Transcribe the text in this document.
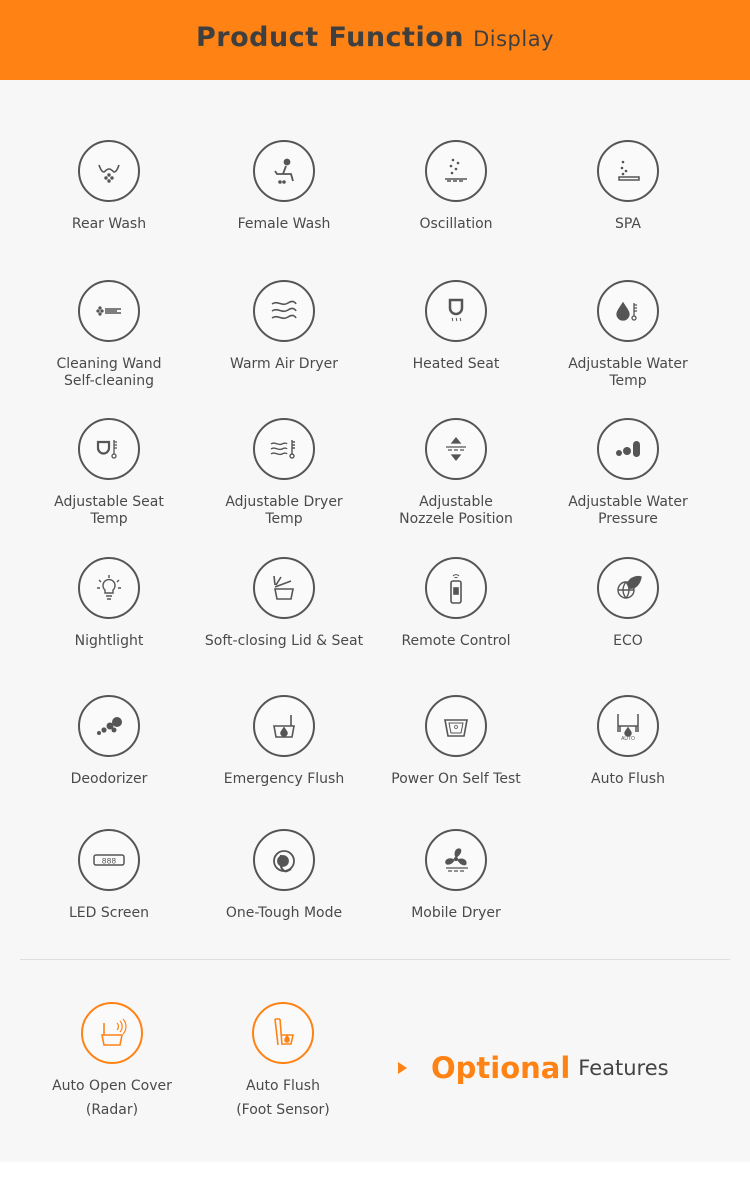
Product Function Display
Rear Wash	Female Wash	Oscillation	SPA
Cleaning Wand
Self-cleaning
Warm Air Dryer	Heated Seat	Adjustable Water
Temp
Adjustable Seat
Temp
Adjustable Dryer
Temp
Adjustable
Nozzele Position
Adjustable Water
Pressure
Nightlight	Soft-closing Lid & Seat	Remote Control	ECO
Deodorizer	Emergency Flush	Power On Self Test
AUTO
Auto Flush
888
LED Screen	One-Tough Mode	Mobile Dryer
Auto Open Cover
(Radar)
Auto Flush
(Foot Sensor)
Optional Features
